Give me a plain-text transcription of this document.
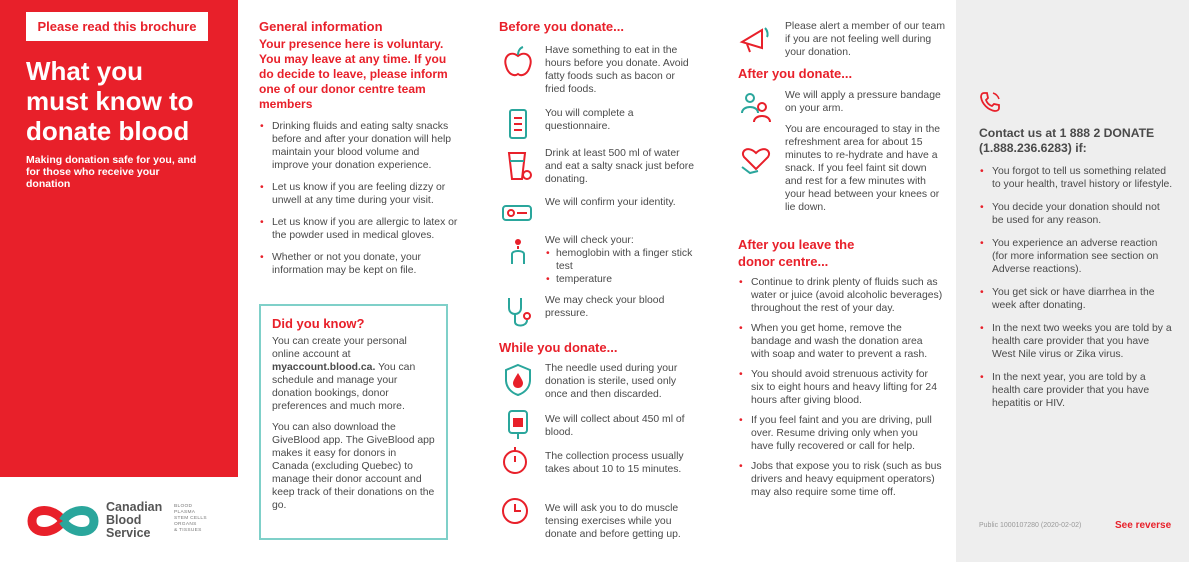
Please read this brochure
What you
must know to
donate blood
Making donation safe for you, and for those who receive your donation
Canadian
Blood
Service
BLOOD
PLASMA
STEM CELLS
ORGANS
& TISSUES
General information
Your presence here is voluntary. You may leave at any time. If you do decide to leave, please inform one of our donor centre team members
• Drinking fluids and eating salty snacks before and after your donation will help maintain your blood volume and improve your donation experience.
• Let us know if you are feeling dizzy or unwell at any time during your visit.
• Let us know if you are allergic to latex or the powder used in medical gloves.
• Whether or not you donate, your information may be kept on file.
Did you know?

You can create your personal online account at myaccount.blood.ca. You can schedule and manage your donation bookings, donor preferences and much more.

You can also download the GiveBlood app. The GiveBlood app makes it easy for donors in Canada (excluding Quebec) to manage their donor account and keep track of their donations on the go.

Before you donate...
Have something to eat in the hours before you donate. Avoid fatty foods such as bacon or fried foods.
You will complete a questionnaire.
Drink at least 500 ml of water and eat a salty snack just before donating.
We will confirm your identity.
We will check your:
• hemoglobin with a finger stick test
• temperature
We may check your blood pressure.
While you donate...
The needle used during your donation is sterile, used only once and then discarded.
We will collect about 450 ml of blood.
The collection process usually takes about 10 to 15 minutes.
We will ask you to do muscle tensing exercises while you donate and before getting up.
Please alert a member of our team if you are not feeling well during your donation.
After you donate...
We will apply a pressure bandage on your arm.
You are encouraged to stay in the refreshment area for about 15 minutes to re-hydrate and have a snack. If you feel faint sit down and rest for a few minutes with your head between your knees or lie down.
After you leave the
donor centre...
• Continue to drink plenty of fluids such as water or juice (avoid alcoholic beverages) throughout the rest of your day.
• When you get home, remove the bandage and wash the donation area with soap and water to prevent a rash.
• You should avoid strenuous activity for six to eight hours and heavy lifting for 24 hours after giving blood.
• If you feel faint and you are driving, pull over. Resume driving only when you have fully recovered or call for help.
• Jobs that expose you to risk (such as bus drivers and heavy equipment operators) may also require some time off.
Contact us at 1 888 2 DONATE (1.888.236.6283) if:
• You forgot to tell us something related to your health, travel history or lifestyle.
• You decide your donation should not be used for any reason.
• You experience an adverse reaction (for more information see section on Adverse reactions).
• You get sick or have diarrhea in the week after donating.
• In the next two weeks you are told by a health care provider that you have West Nile virus or Zika virus.
• In the next year, you are told by a health care provider that you have hepatitis or HIV.
Public 1000107280 (2020-02-02)	See reverse
